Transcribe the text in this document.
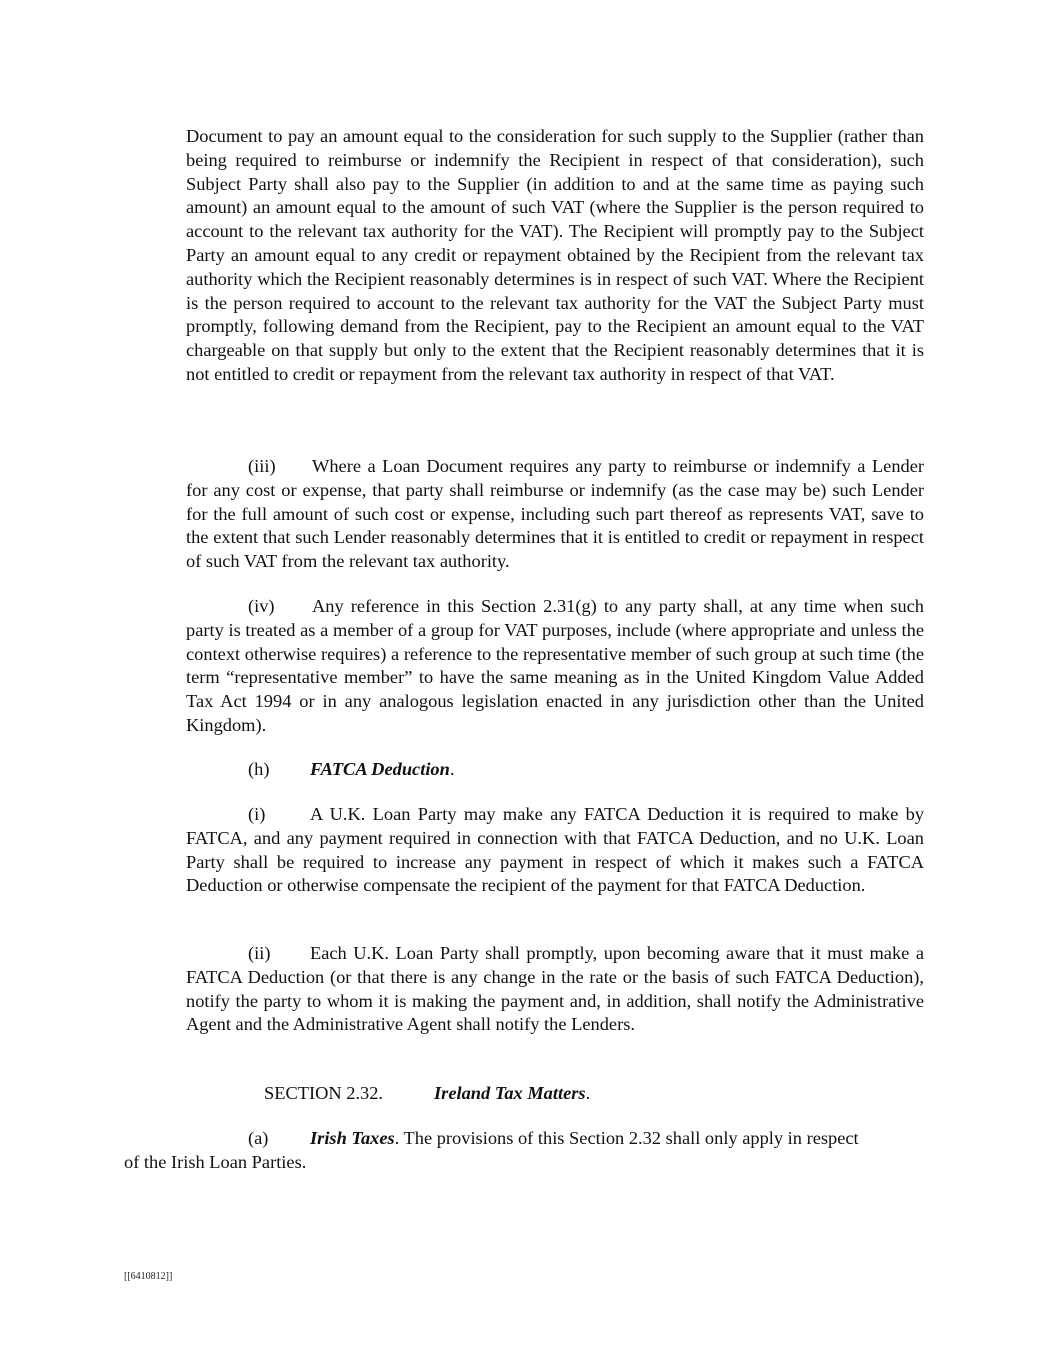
Document to pay an amount equal to the consideration for such supply to the Supplier (rather than being required to reimburse or indemnify the Recipient in respect of that consideration), such Subject Party shall also pay to the Supplier (in addition to and at the same time as paying such amount) an amount equal to the amount of such VAT (where the Supplier is the person required to account to the relevant tax authority for the VAT). The Recipient will promptly pay to the Subject Party an amount equal to any credit or repayment obtained by the Recipient from the relevant tax authority which the Recipient reasonably determines is in respect of such VAT. Where the Recipient is the person required to account to the relevant tax authority for the VAT the Subject Party must promptly, following demand from the Recipient, pay to the Recipient an amount equal to the VAT chargeable on that supply but only to the extent that the Recipient reasonably determines that it is not entitled to credit or repayment from the relevant tax authority in respect of that VAT.
(iii) Where a Loan Document requires any party to reimburse or indemnify a Lender for any cost or expense, that party shall reimburse or indemnify (as the case may be) such Lender for the full amount of such cost or expense, including such part thereof as represents VAT, save to the extent that such Lender reasonably determines that it is entitled to credit or repayment in respect of such VAT from the relevant tax authority.
(iv) Any reference in this Section 2.31(g) to any party shall, at any time when such party is treated as a member of a group for VAT purposes, include (where appropriate and unless the context otherwise requires) a reference to the representative member of such group at such time (the term “representative member” to have the same meaning as in the United Kingdom Value Added Tax Act 1994 or in any analogous legislation enacted in any jurisdiction other than the United Kingdom).
(h) FATCA Deduction.
(i) A U.K. Loan Party may make any FATCA Deduction it is required to make by FATCA, and any payment required in connection with that FATCA Deduction, and no U.K. Loan Party shall be required to increase any payment in respect of which it makes such a FATCA Deduction or otherwise compensate the recipient of the payment for that FATCA Deduction.
(ii) Each U.K. Loan Party shall promptly, upon becoming aware that it must make a FATCA Deduction (or that there is any change in the rate or the basis of such FATCA Deduction), notify the party to whom it is making the payment and, in addition, shall notify the Administrative Agent and the Administrative Agent shall notify the Lenders.
SECTION 2.32.	Ireland Tax Matters.
(a) Irish Taxes. The provisions of this Section 2.32 shall only apply in respect
of the Irish Loan Parties.
[[6410812]]
